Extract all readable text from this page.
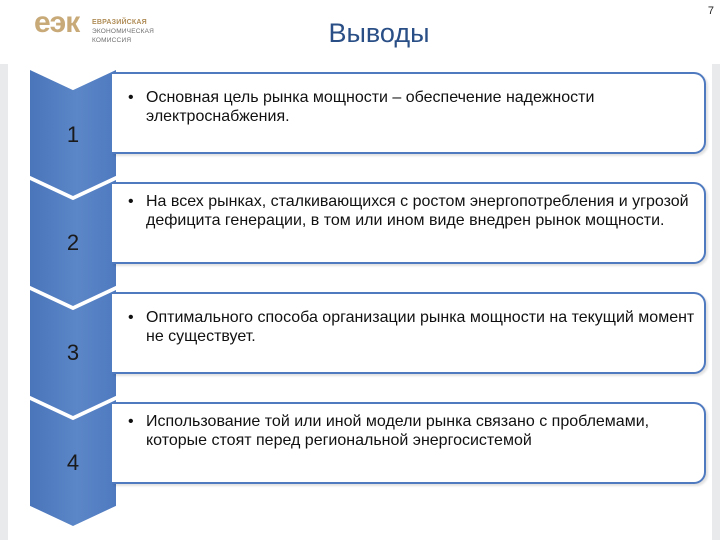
еэк ЕВРАЗИЙСКАЯ
ЭКОНОМИЧЕСКАЯ
КОМИССИЯ	Выводы
7
1
• Основная цель рынка мощности – обеспечение надежности электроснабжения.
2
• На всех рынках, сталкивающихся с ростом энергопотребления и угрозой дефицита генерации, в том или ином виде внедрен рынок мощности.
3
• Оптимального способа организации рынка мощности на текущий момент не существует.
4
• Использование той или иной модели рынка связано с проблемами, которые стоят перед региональной энергосистемой
